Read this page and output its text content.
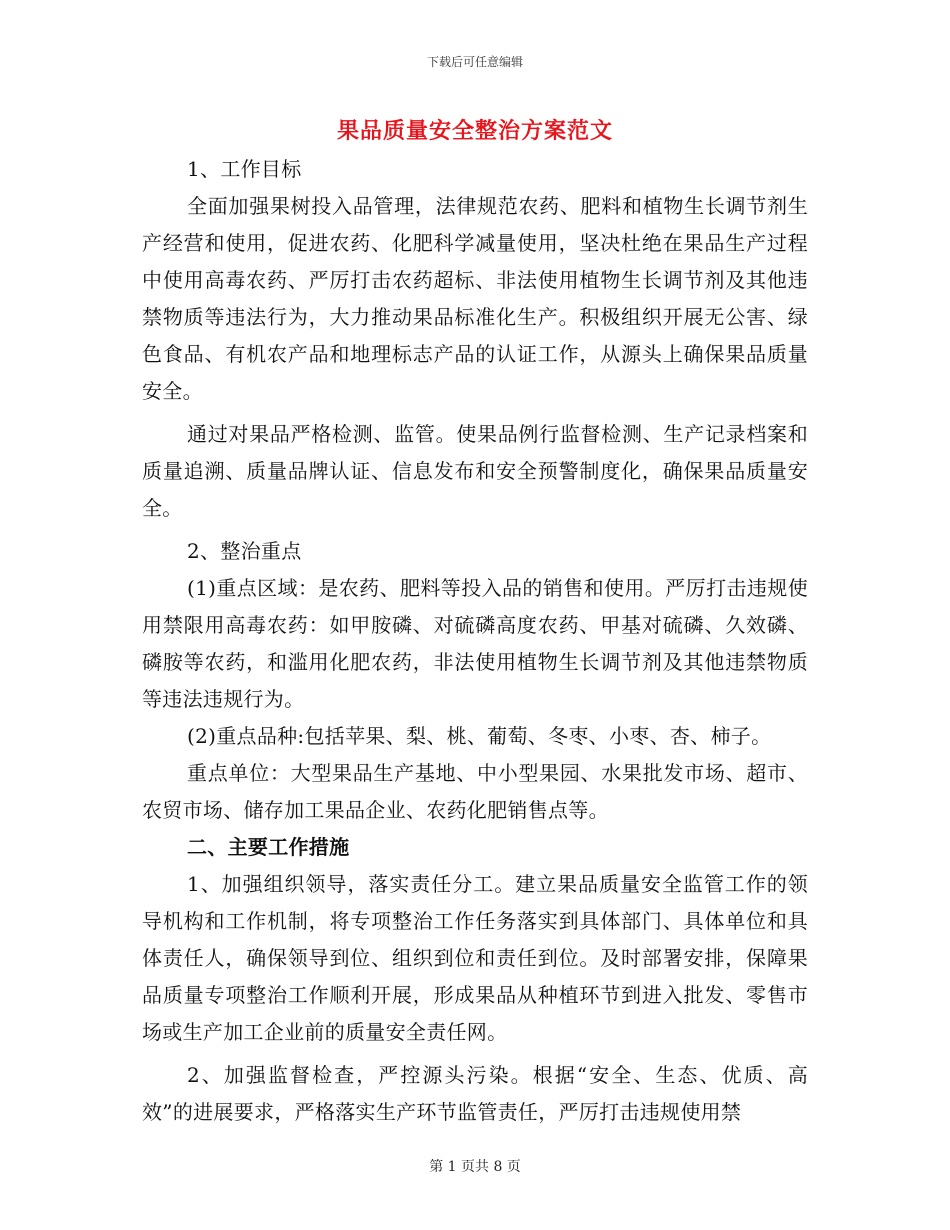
下载后可任意编辑
果品质量安全整治方案范文

1、工作目标

全面加强果树投入品管理，法律规范农药、肥料和植物生长调节剂生产经营和使用，促进农药、化肥科学减量使用，坚决杜绝在果品生产过程中使用高毒农药、严厉打击农药超标、非法使用植物生长调节剂及其他违禁物质等违法行为，大力推动果品标准化生产。积极组织开展无公害、绿色食品、有机农产品和地理标志产品的认证工作，从源头上确保果品质量安全。

通过对果品严格检测、监管。使果品例行监督检测、生产记录档案和质量追溯、质量品牌认证、信息发布和安全预警制度化，确保果品质量安全。

2、整治重点

(1)重点区域：是农药、肥料等投入品的销售和使用。严厉打击违规使用禁限用高毒农药：如甲胺磷、对硫磷高度农药、甲基对硫磷、久效磷、磷胺等农药，和滥用化肥农药，非法使用植物生长调节剂及其他违禁物质等违法违规行为。

(2)重点品种:包括苹果、梨、桃、葡萄、冬枣、小枣、杏、柿子。

重点单位：大型果品生产基地、中小型果园、水果批发市场、超市、农贸市场、储存加工果品企业、农药化肥销售点等。

二、主要工作措施

1、加强组织领导，落实责任分工。建立果品质量安全监管工作的领导机构和工作机制，将专项整治工作任务落实到具体部门、具体单位和具体责任人，确保领导到位、组织到位和责任到位。及时部署安排，保障果品质量专项整治工作顺利开展，形成果品从种植环节到进入批发、零售市场或生产加工企业前的质量安全责任网。

2、加强监督检查，严控源头污染。根据“安全、生态、优质、高效”的进展要求，严格落实生产环节监管责任，严厉打击违规使用禁

第 1 页共 8 页
